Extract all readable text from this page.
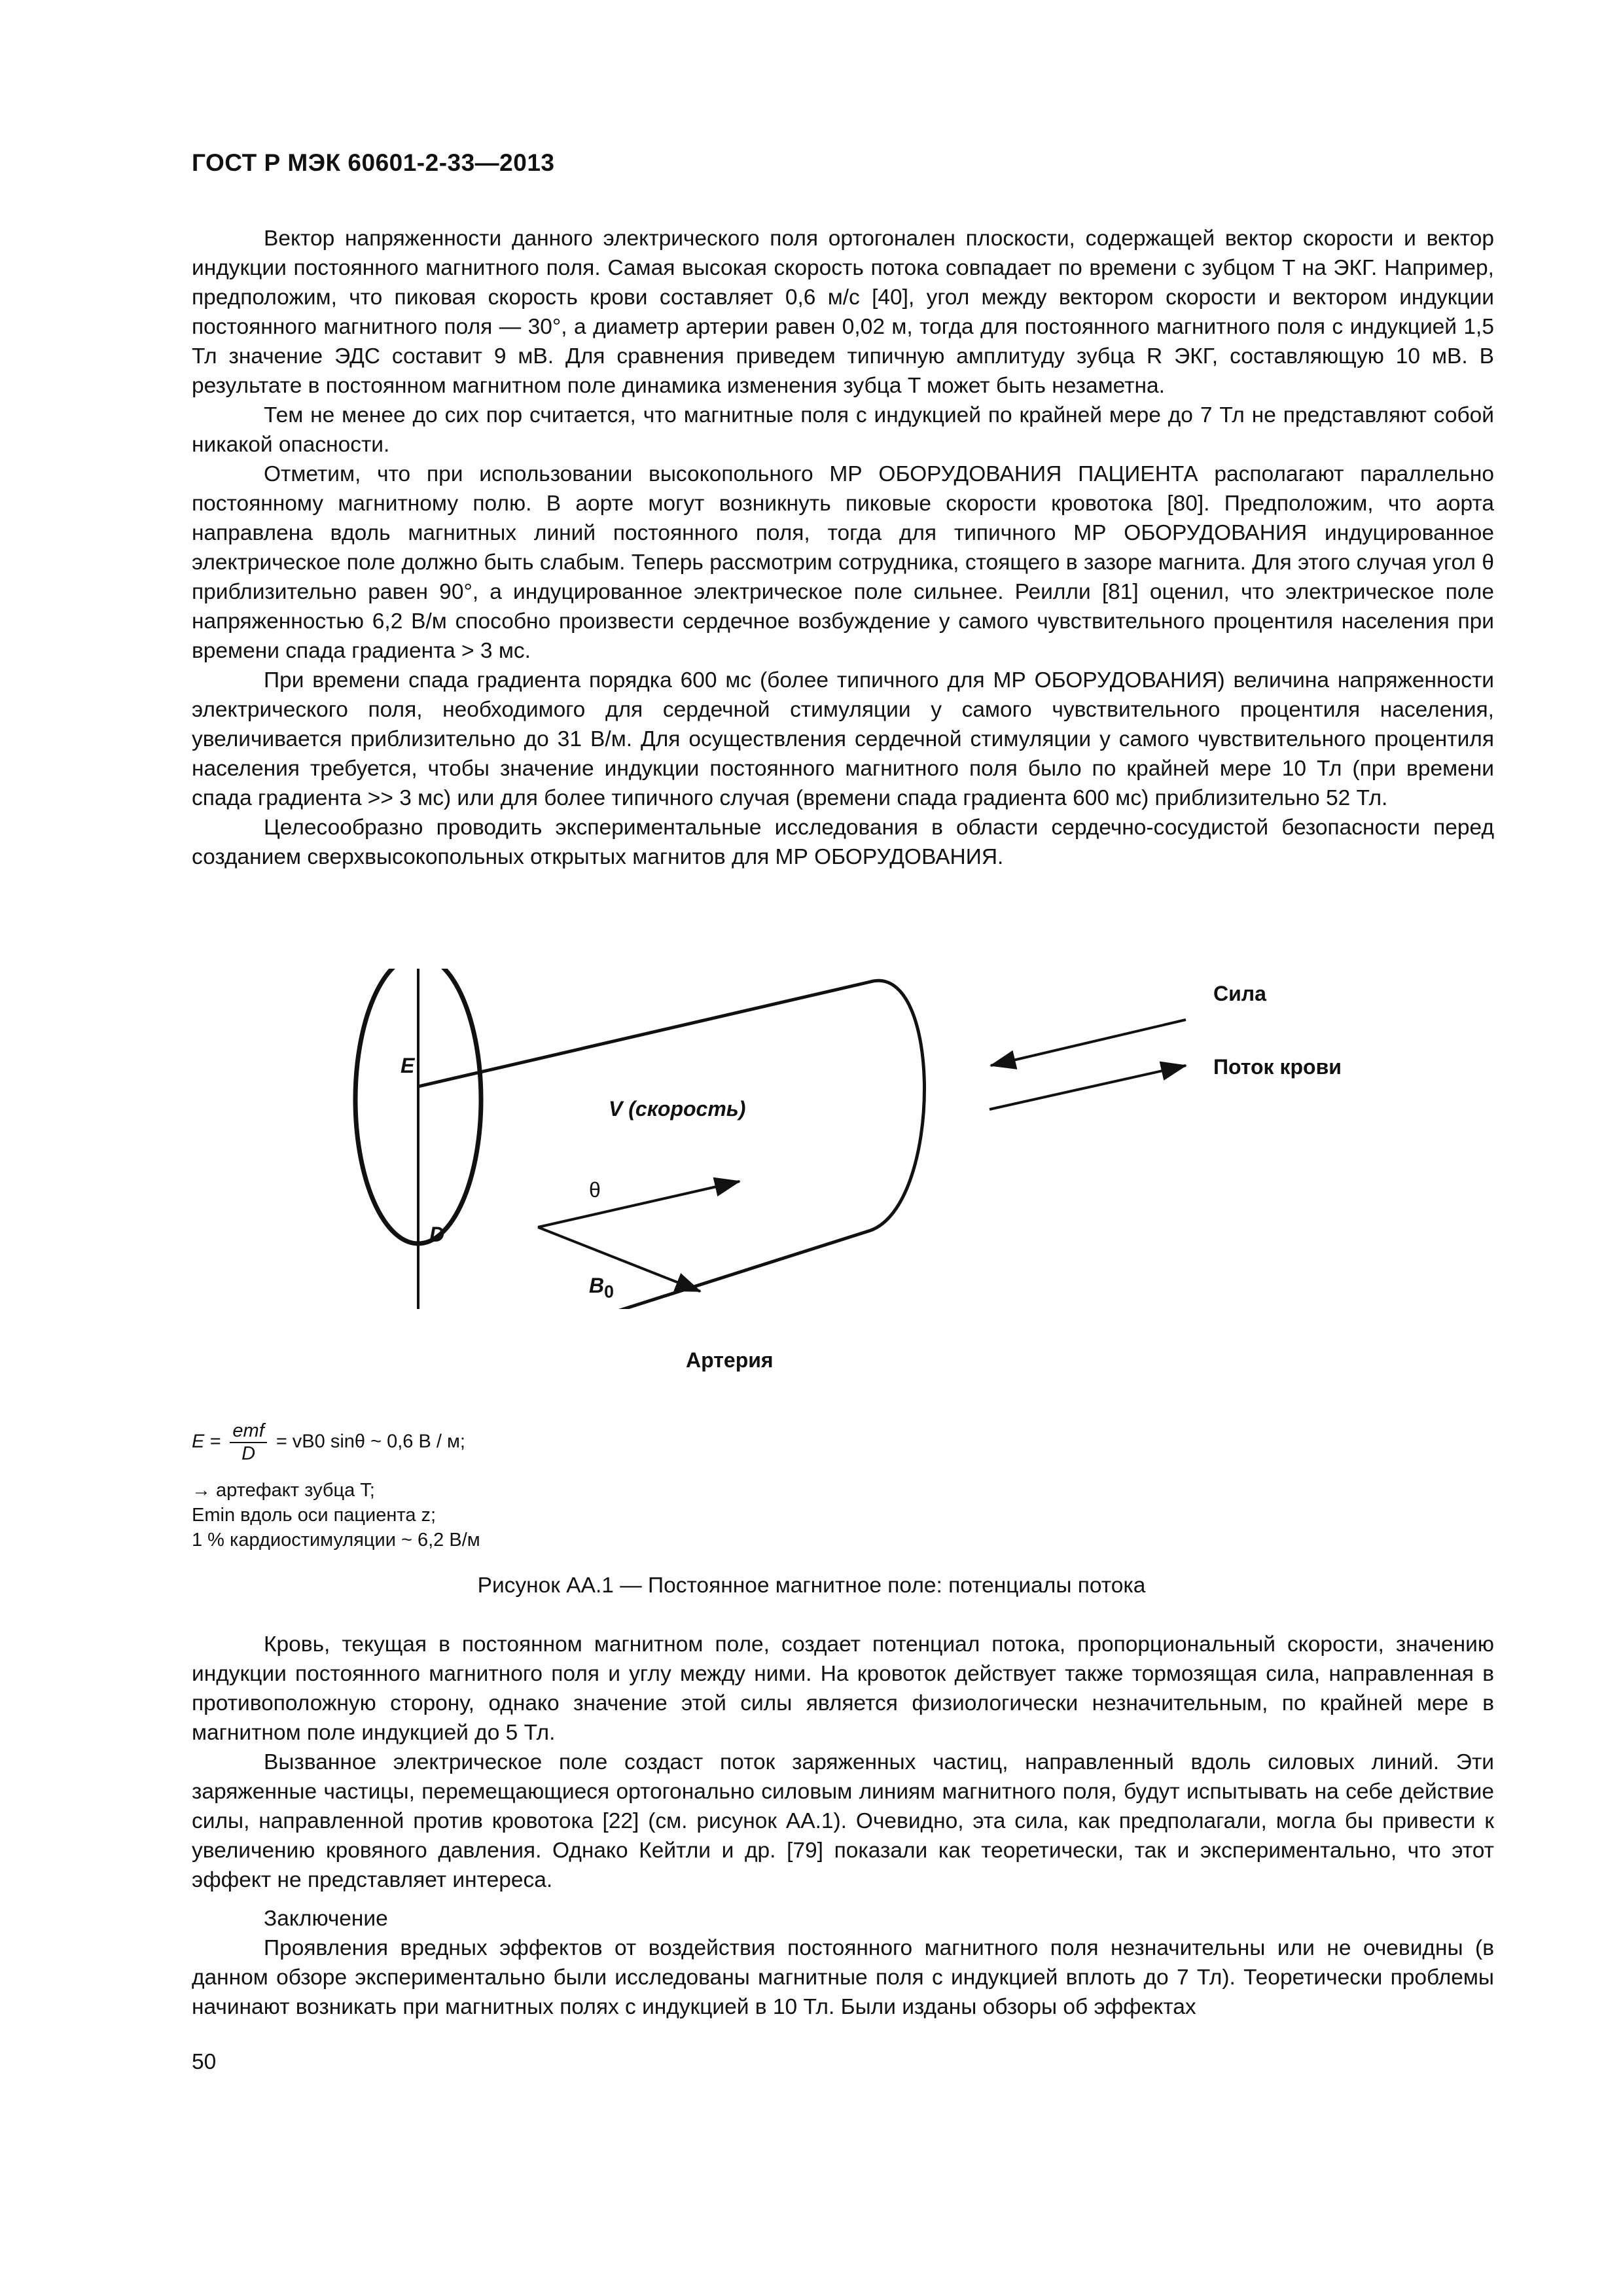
ГОСТ Р МЭК 60601-2-33—2013

Вектор напряженности данного электрического поля ортогонален плоскости, содержащей вектор скорости и вектор индукции постоянного магнитного поля. Самая высокая скорость потока совпадает по времени с зубцом T на ЭКГ. Например, предположим, что пиковая скорость крови составляет 0,6 м/с [40], угол между вектором скорости и вектором индукции постоянного магнитного поля — 30°, а диаметр артерии равен 0,02 м, тогда для постоянного магнитного поля с индукцией 1,5 Тл значение ЭДС составит 9 мВ. Для сравнения приведем типичную амплитуду зубца R ЭКГ, составляющую 10 мВ. В результате в постоянном магнитном поле динамика изменения зубца T может быть незаметна.

Тем не менее до сих пор считается, что магнитные поля с индукцией по крайней мере до 7 Тл не представляют собой никакой опасности.

Отметим, что при использовании высокопольного МР ОБОРУДОВАНИЯ ПАЦИЕНТА располагают параллельно постоянному магнитному полю. В аорте могут возникнуть пиковые скорости кровотока [80]. Предположим, что аорта направлена вдоль магнитных линий постоянного поля, тогда для типичного МР ОБОРУДОВАНИЯ индуцированное электрическое поле должно быть слабым. Теперь рассмотрим сотрудника, стоящего в зазоре магнита. Для этого случая угол θ приблизительно равен 90°, а индуцированное электрическое поле сильнее. Реилли [81] оценил, что электрическое поле напряженностью 6,2 В/м способно произвести сердечное возбуждение у самого чувствительного процентиля населения при времени спада градиента > 3 мс.

При времени спада градиента порядка 600 мс (более типичного для МР ОБОРУДОВАНИЯ) величина напряженности электрического поля, необходимого для сердечной стимуляции у самого чувствительного процентиля населения, увеличивается приблизительно до 31 В/м. Для осуществления сердечной стимуляции у самого чувствительного процентиля населения требуется, чтобы значение индукции постоянного магнитного поля было по крайней мере 10 Тл (при времени спада градиента >> 3 мс) или для более типичного случая (времени спада градиента 600 мс) приблизительно 52 Тл.

Целесообразно проводить экспериментальные исследования в области сердечно-сосудистой безопасности перед созданием сверхвысокопольных открытых магнитов для МР ОБОРУДОВАНИЯ.

Сила
Поток крови
E
V (скорость)
θ
D
$B_0$
Артерия
$E = \frac{\text{emf}}{D} = vB0$ sinθ ~ 0,6 В / м;
→ артефакт зубца T;
Emin вдоль оси пациента z;
1 % кардиостимуляции ~ 6,2 В/м
Рисунок АА.1 — Постоянное магнитное поле: потенциалы потока

Кровь, текущая в постоянном магнитном поле, создает потенциал потока, пропорциональный скорости, значению индукции постоянного магнитного поля и углу между ними. На кровоток действует также тормозящая сила, направленная в противоположную сторону, однако значение этой силы является физиологически незначительным, по крайней мере в магнитном поле индукцией до 5 Тл.

Вызванное электрическое поле создаст поток заряженных частиц, направленный вдоль силовых линий. Эти заряженные частицы, перемещающиеся ортогонально силовым линиям магнитного поля, будут испытывать на себе действие силы, направленной против кровотока [22] (см. рисунок АА.1). Очевидно, эта сила, как предполагали, могла бы привести к увеличению кровяного давления. Однако Кейтли и др. [79] показали как теоретически, так и экспериментально, что этот эффект не представляет интереса.

Заключение

Проявления вредных эффектов от воздействия постоянного магнитного поля незначительны или не очевидны (в данном обзоре экспериментально были исследованы магнитные поля с индукцией вплоть до 7 Тл). Теоретически проблемы начинают возникать при магнитных полях с индукцией в 10 Тл. Были изданы обзоры об эффектах

50
